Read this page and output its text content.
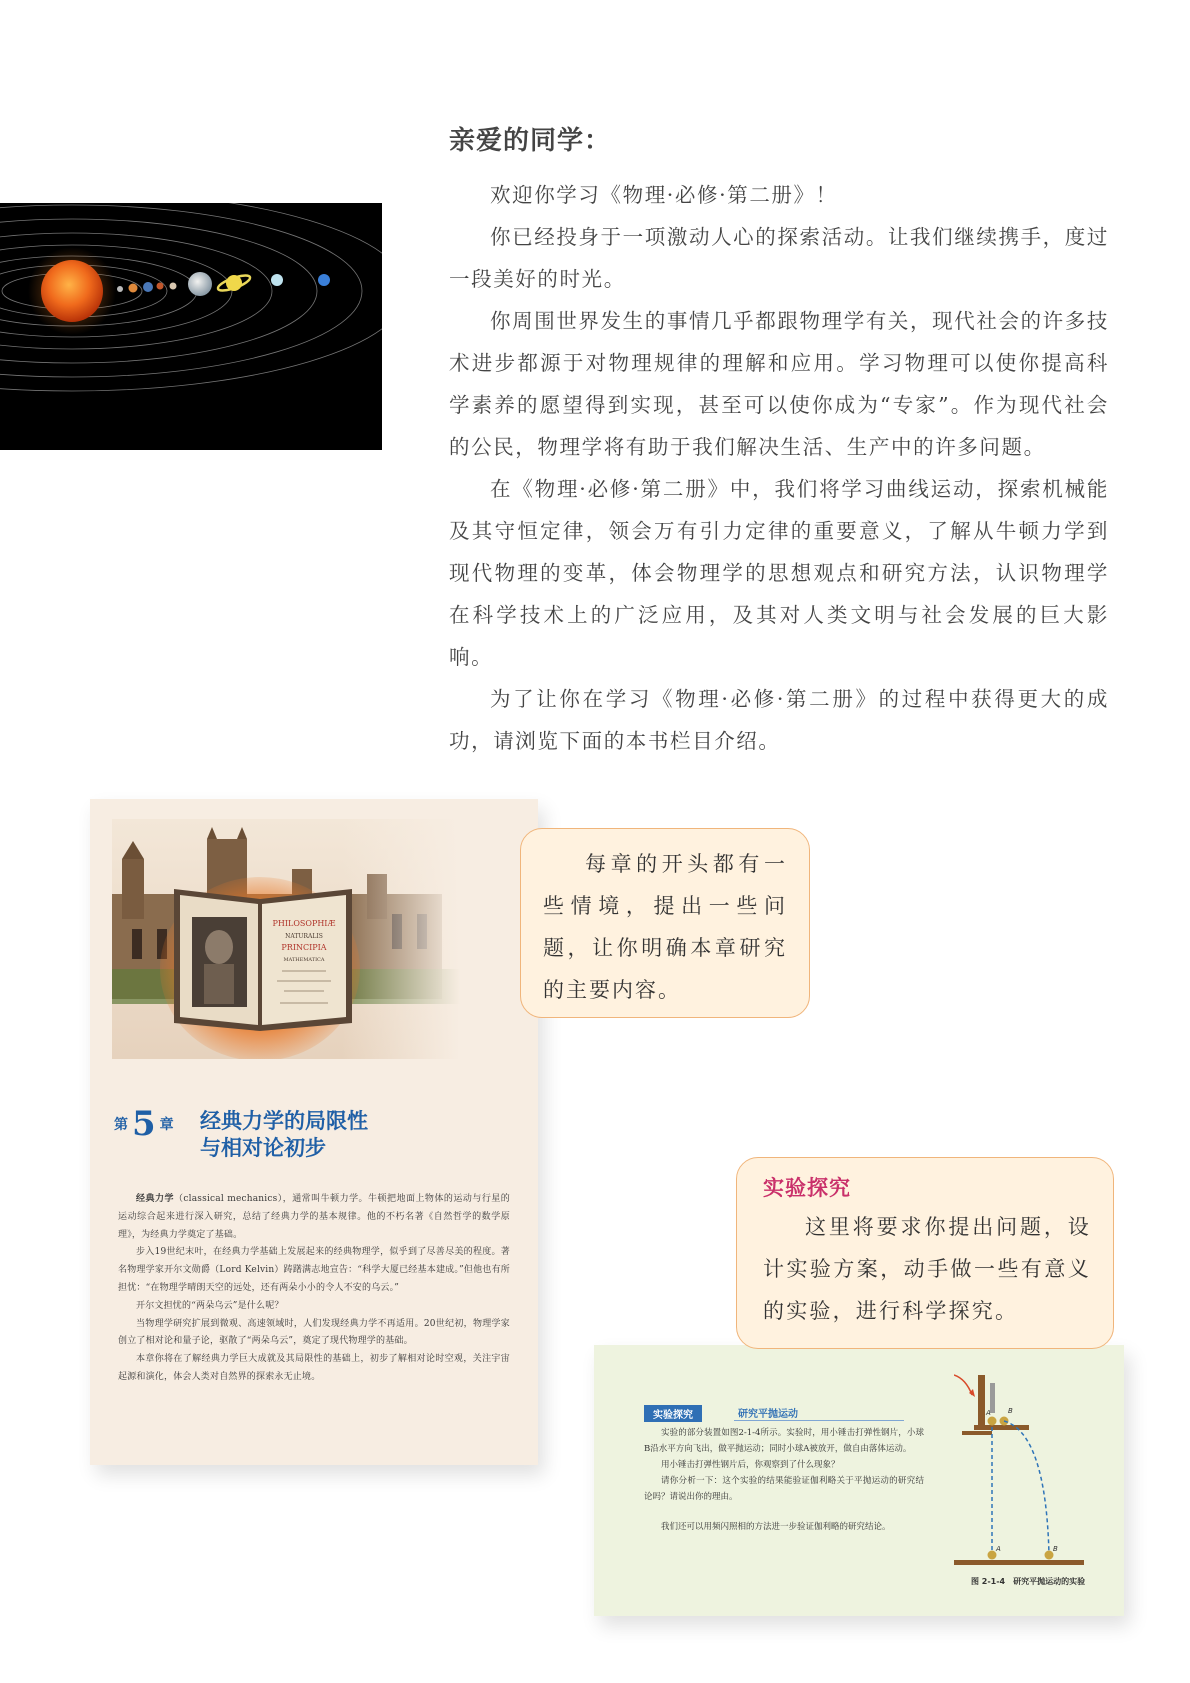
亲爱的同学：

欢迎你学习《物理·必修·第二册》！

你已经投身于一项激动人心的探索活动。让我们继续携手，度过一段美好的时光。

你周围世界发生的事情几乎都跟物理学有关，现代社会的许多技术进步都源于对物理规律的理解和应用。学习物理可以使你提高科学素养的愿望得到实现，甚至可以使你成为“专家”。作为现代社会的公民，物理学将有助于我们解决生活、生产中的许多问题。

在《物理·必修·第二册》中，我们将学习曲线运动，探索机械能及其守恒定律，领会万有引力定律的重要意义，了解从牛顿力学到现代物理的变革，体会物理学的思想观点和研究方法，认识物理学在科学技术上的广泛应用，及其对人类文明与社会发展的巨大影响。

为了让你在学习《物理·必修·第二册》的过程中获得更大的成功，请浏览下面的本书栏目介绍。

PHILOSOPHIÆ
NATURALIS
PRINCIPIA
MATHEMATICA
第 5 章 经典力学的局限性
与相对论初步

经典力学（classical mechanics），通常叫牛顿力学。牛顿把地面上物体的运动与行星的运动综合起来进行深入研究，总结了经典力学的基本规律。他的不朽名著《自然哲学的数学原理》，为经典力学奠定了基础。

步入19世纪末叶，在经典力学基础上发展起来的经典物理学，似乎到了尽善尽美的程度。著名物理学家开尔文勋爵（Lord Kelvin）踌躇满志地宣告：“科学大厦已经基本建成。”但他也有所担忧：“在物理学晴朗天空的远处，还有两朵小小的令人不安的乌云。”

开尔文担忧的“两朵乌云”是什么呢？

当物理学研究扩展到微观、高速领域时，人们发现经典力学不再适用。20世纪初，物理学家创立了相对论和量子论，驱散了“两朵乌云”，奠定了现代物理学的基础。

本章你将在了解经典力学巨大成就及其局限性的基础上，初步了解相对论时空观，关注宇宙起源和演化，体会人类对自然界的探索永无止境。

每章的开头都有一些情境，提出一些问题，让你明确本章研究的主要内容。

实验探究	研究平抛运动

实验的部分装置如图2-1-4所示。实验时，用小锤击打弹性钢片，小球B沿水平方向飞出，做平抛运动；同时小球A被放开，做自由落体运动。

用小锤击打弹性钢片后，你观察到了什么现象？

请你分析一下：这个实验的结果能验证伽利略关于平抛运动的研究结论吗？请说出你的理由。

我们还可以用频闪照相的方法进一步验证伽利略的研究结论。

A B
A	B
图 2-1-4　研究平抛运动的实验
实验探究

这里将要求你提出问题，设计实验方案，动手做一些有意义的实验，进行科学探究。
